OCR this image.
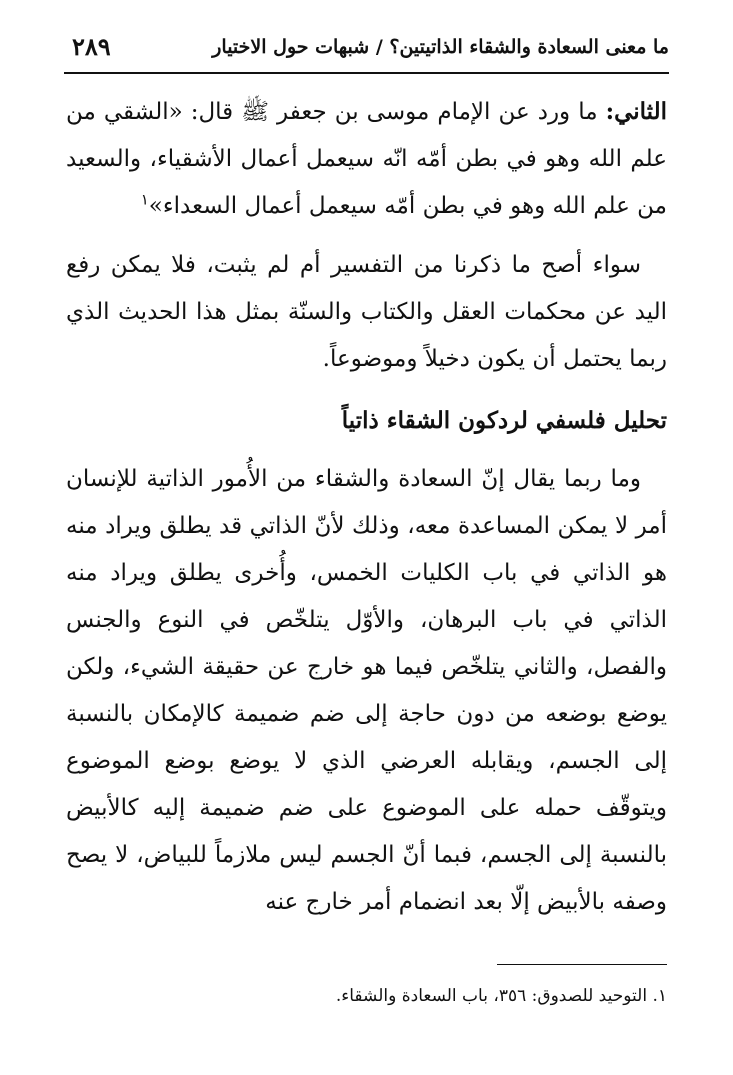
ما معنى السعادة والشقاء الذاتيتين؟ / شبهات حول الاختيار
٢٨٩

الثاني: ما ورد عن الإمام موسى بن جعفر ﷺ قال: «الشقي من علم الله وهو في بطن أمّه انّه سيعمل أعمال الأشقياء، والسعيد من علم الله وهو في بطن أمّه سيعمل أعمال السعداء»$^١$

سواء أصح ما ذكرنا من التفسير أم لم يثبت، فلا يمكن رفع اليد عن محكمات العقل والكتاب والسنّة بمثل هذا الحديث الذي ربما يحتمل أن يكون دخيلاً وموضوعاً.

تحليل فلسفي لردكون الشقاء ذاتياً

وما ربما يقال إنّ السعادة والشقاء من الأُمور الذاتية للإنسان أمر لا يمكن المساعدة معه، وذلك لأنّ الذاتي قد يطلق ويراد منه هو الذاتي في باب الكليات الخمس، وأُخرى يطلق ويراد منه الذاتي في باب البرهان، والأوّل يتلخّص في النوع والجنس والفصل، والثاني يتلخّص فيما هو خارج عن حقيقة الشيء، ولكن يوضع بوضعه من دون حاجة إلى ضم ضميمة كالإمكان بالنسبة إلى الجسم، ويقابله العرضي الذي لا يوضع بوضع الموضوع ويتوقّف حمله على الموضوع على ضم ضميمة إليه كالأبيض بالنسبة إلى الجسم، فبما أنّ الجسم ليس ملازماً للبياض، لا يصح وصفه بالأبيض إلّا بعد انضمام أمر خارج عنه

١. التوحيد للصدوق: ٣٥٦، باب السعادة والشقاء.
